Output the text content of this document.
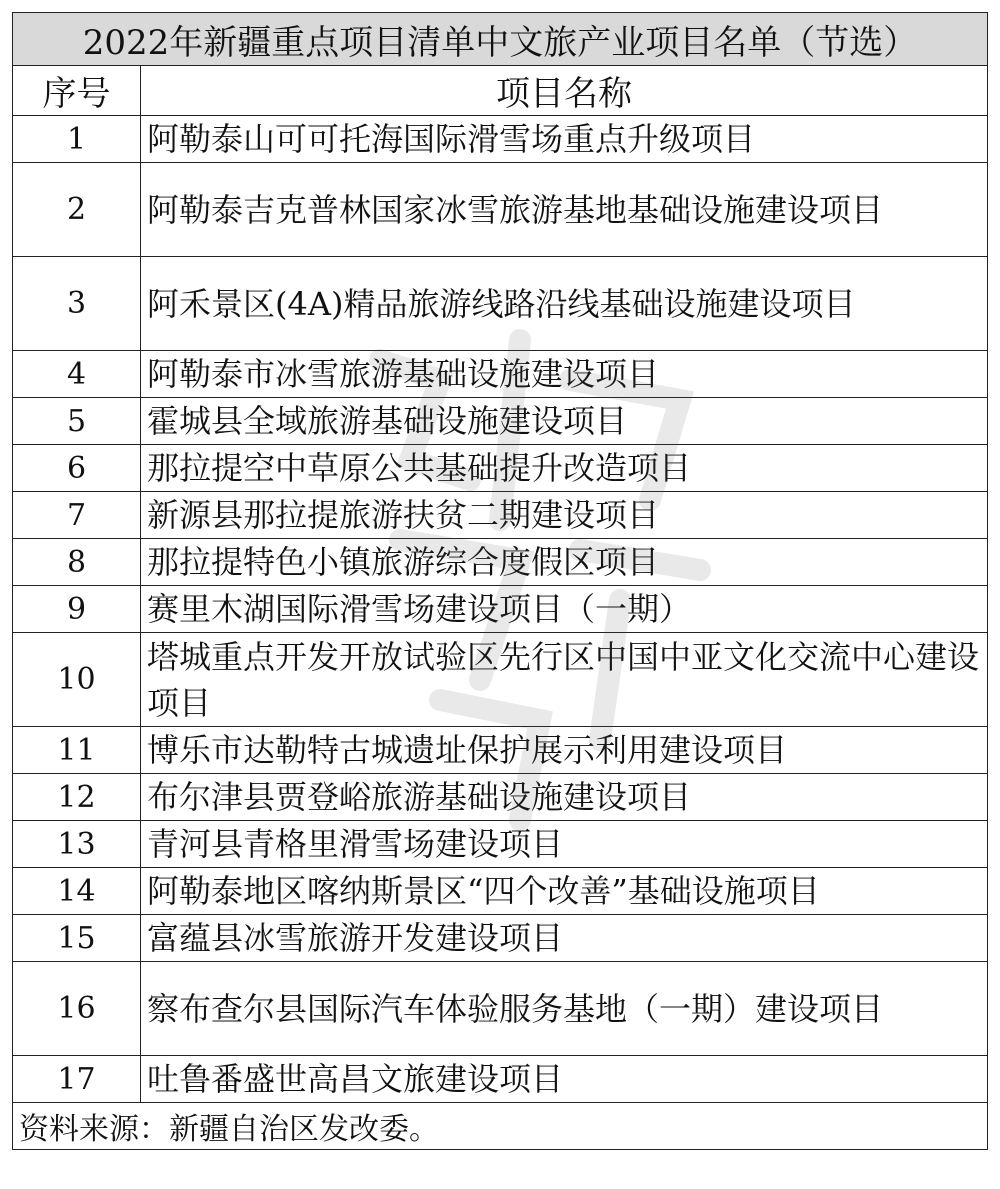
2022年新疆重点项目清单中文旅产业项目名单（节选）	
序号	项目名称
1	阿勒泰山可可托海国际滑雪场重点升级项目
2	阿勒泰吉克普林国家冰雪旅游基地基础设施建设项目
3	阿禾景区(4A)精品旅游线路沿线基础设施建设项目
4	阿勒泰市冰雪旅游基础设施建设项目
5	霍城县全域旅游基础设施建设项目
6	那拉提空中草原公共基础提升改造项目
7	新源县那拉提旅游扶贫二期建设项目
8	那拉提特色小镇旅游综合度假区项目
9	赛里木湖国际滑雪场建设项目（一期）
10	塔城重点开发开放试验区先行区中国中亚文化交流中心建设项目
11	博乐市达勒特古城遗址保护展示利用建设项目
12	布尔津县贾登峪旅游基础设施建设项目
13	青河县青格里滑雪场建设项目
14	阿勒泰地区喀纳斯景区“四个改善”基础设施项目
15	富蕴县冰雪旅游开发建设项目
16	察布查尔县国际汽车体验服务基地（一期）建设项目
17	吐鲁番盛世高昌文旅建设项目
资料来源：新疆自治区发改委。	
